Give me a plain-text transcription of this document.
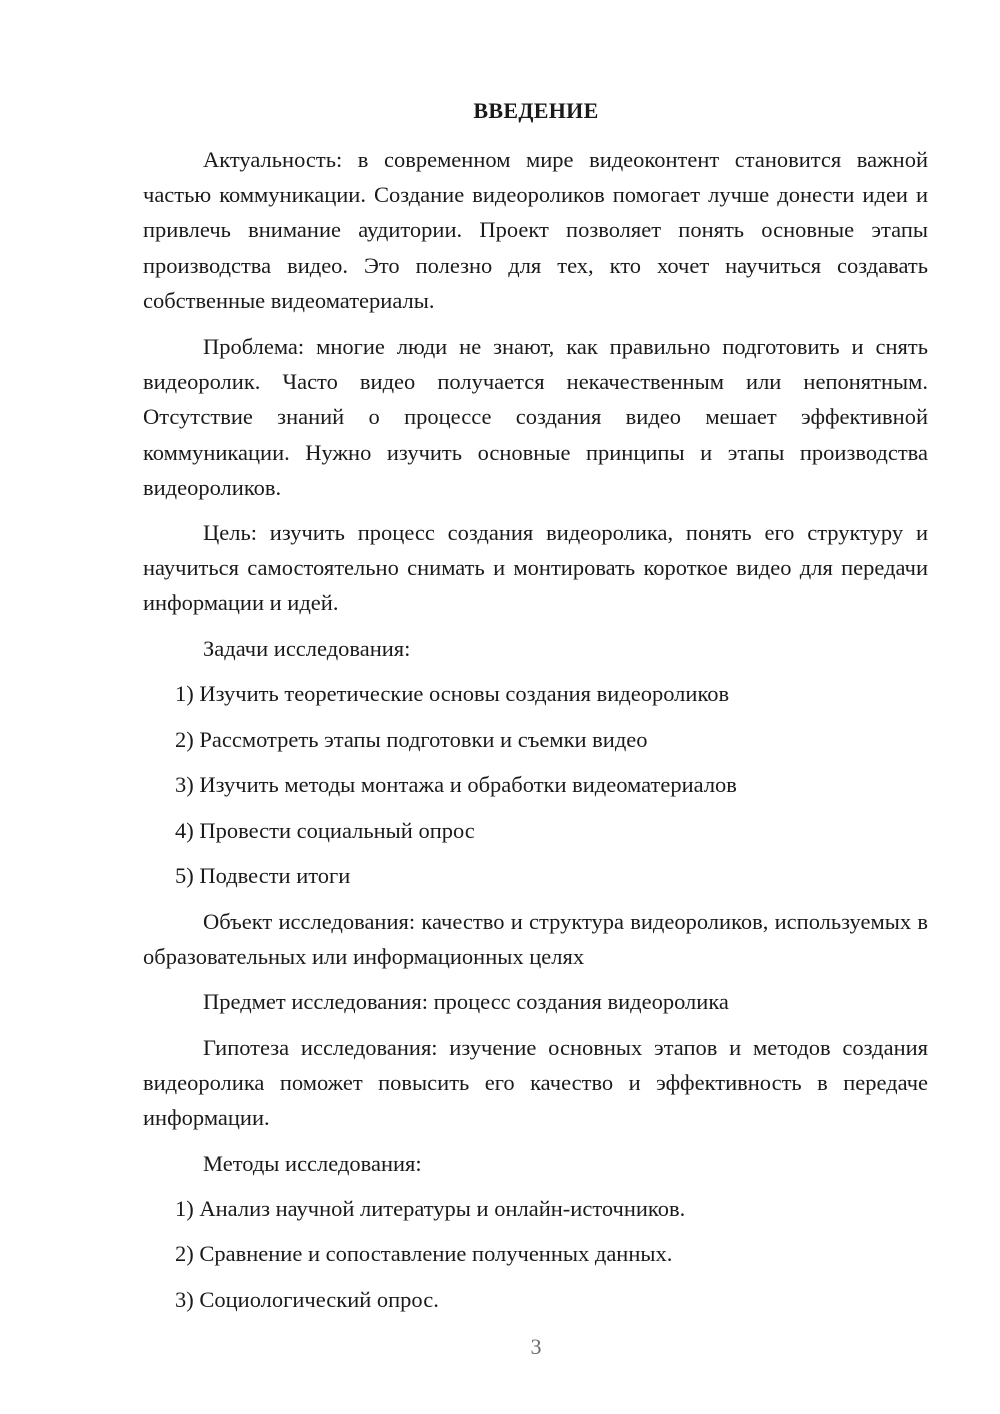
ВВЕДЕНИЕ

Актуальность: в современном мире видеоконтент становится важной частью коммуникации. Создание видеороликов помогает лучше донести идеи и привлечь внимание аудитории. Проект позволяет понять основные этапы производства видео. Это полезно для тех, кто хочет научиться создавать собственные видеоматериалы.

Проблема: многие люди не знают, как правильно подготовить и снять видеоролик. Часто видео получается некачественным или непонятным. Отсутствие знаний о процессе создания видео мешает эффективной коммуникации. Нужно изучить основные принципы и этапы производства видеороликов.

Цель: изучить процесс создания видеоролика, понять его структуру и научиться самостоятельно снимать и монтировать короткое видео для передачи информации и идей.

Задачи исследования:

1) Изучить теоретические основы создания видеороликов

2) Рассмотреть этапы подготовки и съемки видео

3) Изучить методы монтажа и обработки видеоматериалов

4) Провести социальный опрос

5) Подвести итоги

Объект исследования: качество и структура видеороликов, используемых в образовательных или информационных целях

Предмет исследования: процесс создания видеоролика

Гипотеза исследования: изучение основных этапов и методов создания видеоролика поможет повысить его качество и эффективность в передаче информации.

Методы исследования:

1) Анализ научной литературы и онлайн-источников.

2) Сравнение и сопоставление полученных данных.

3) Социологический опрос.

3
